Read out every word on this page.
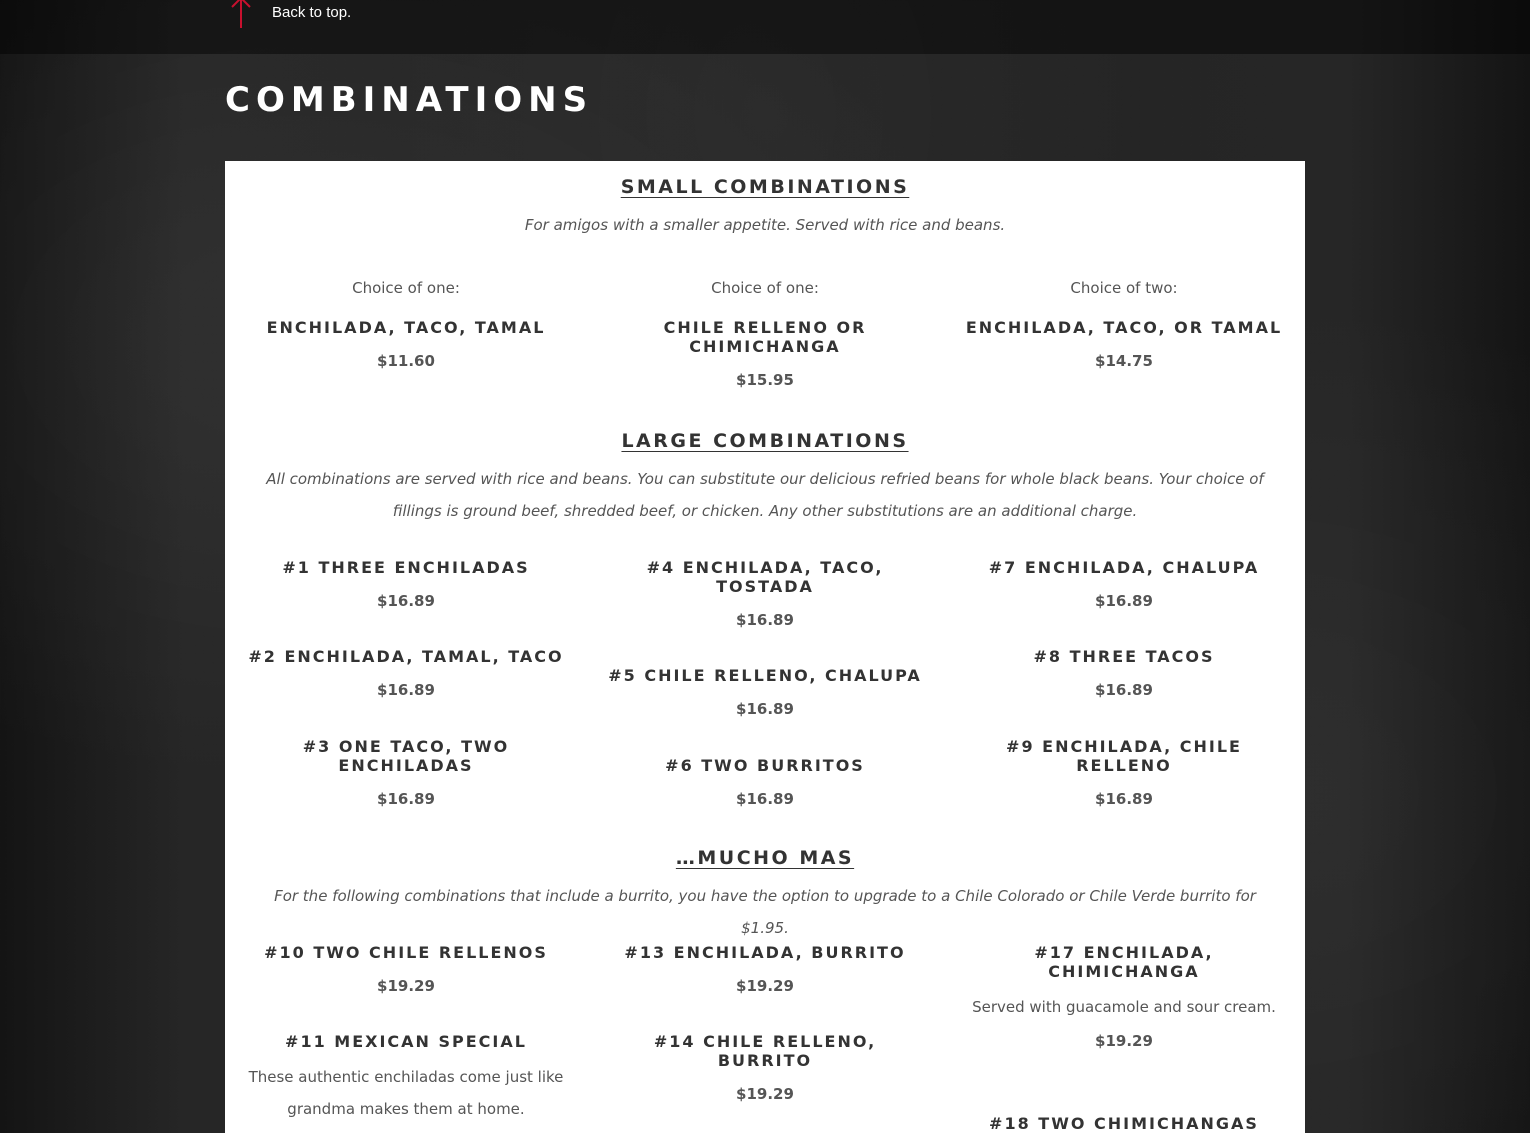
Back to top.
COMBINATIONS
SMALL COMBINATIONS

For amigos with a smaller appetite. Served with rice and beans.

Choice of one:

ENCHILADA, TACO, TAMAL

$11.60

Choice of one:

CHILE RELLENO OR CHIMICHANGA

$15.95

Choice of two:

ENCHILADA, TACO, OR TAMAL

$14.75

LARGE COMBINATIONS

All combinations are served with rice and beans. You can substitute our delicious refried beans for whole black beans. Your choice of fillings is ground beef, shredded beef, or chicken. Any other substitutions are an additional charge.

#1 THREE ENCHILADAS

$16.89

#2 ENCHILADA, TAMAL, TACO

$16.89

#3 ONE TACO, TWO ENCHILADAS

$16.89

#4 ENCHILADA, TACO, TOSTADA

$16.89

#5 CHILE RELLENO, CHALUPA

$16.89

#6 TWO BURRITOS

$16.89

#7 ENCHILADA, CHALUPA

$16.89

#8 THREE TACOS

$16.89

#9 ENCHILADA, CHILE RELLENO

$16.89

…MUCHO MAS

For the following combinations that include a burrito, you have the option to upgrade to a Chile Colorado or Chile Verde burrito for $1.95.

#10 TWO CHILE RELLENOS

$19.29

#11 MEXICAN SPECIAL

These authentic enchiladas come just like grandma makes them at home.

#13 ENCHILADA, BURRITO

$19.29

#14 CHILE RELLENO, BURRITO

$19.29

#17 ENCHILADA, CHIMICHANGA

Served with guacamole and sour cream.

$19.29

#18 TWO CHIMICHANGAS
